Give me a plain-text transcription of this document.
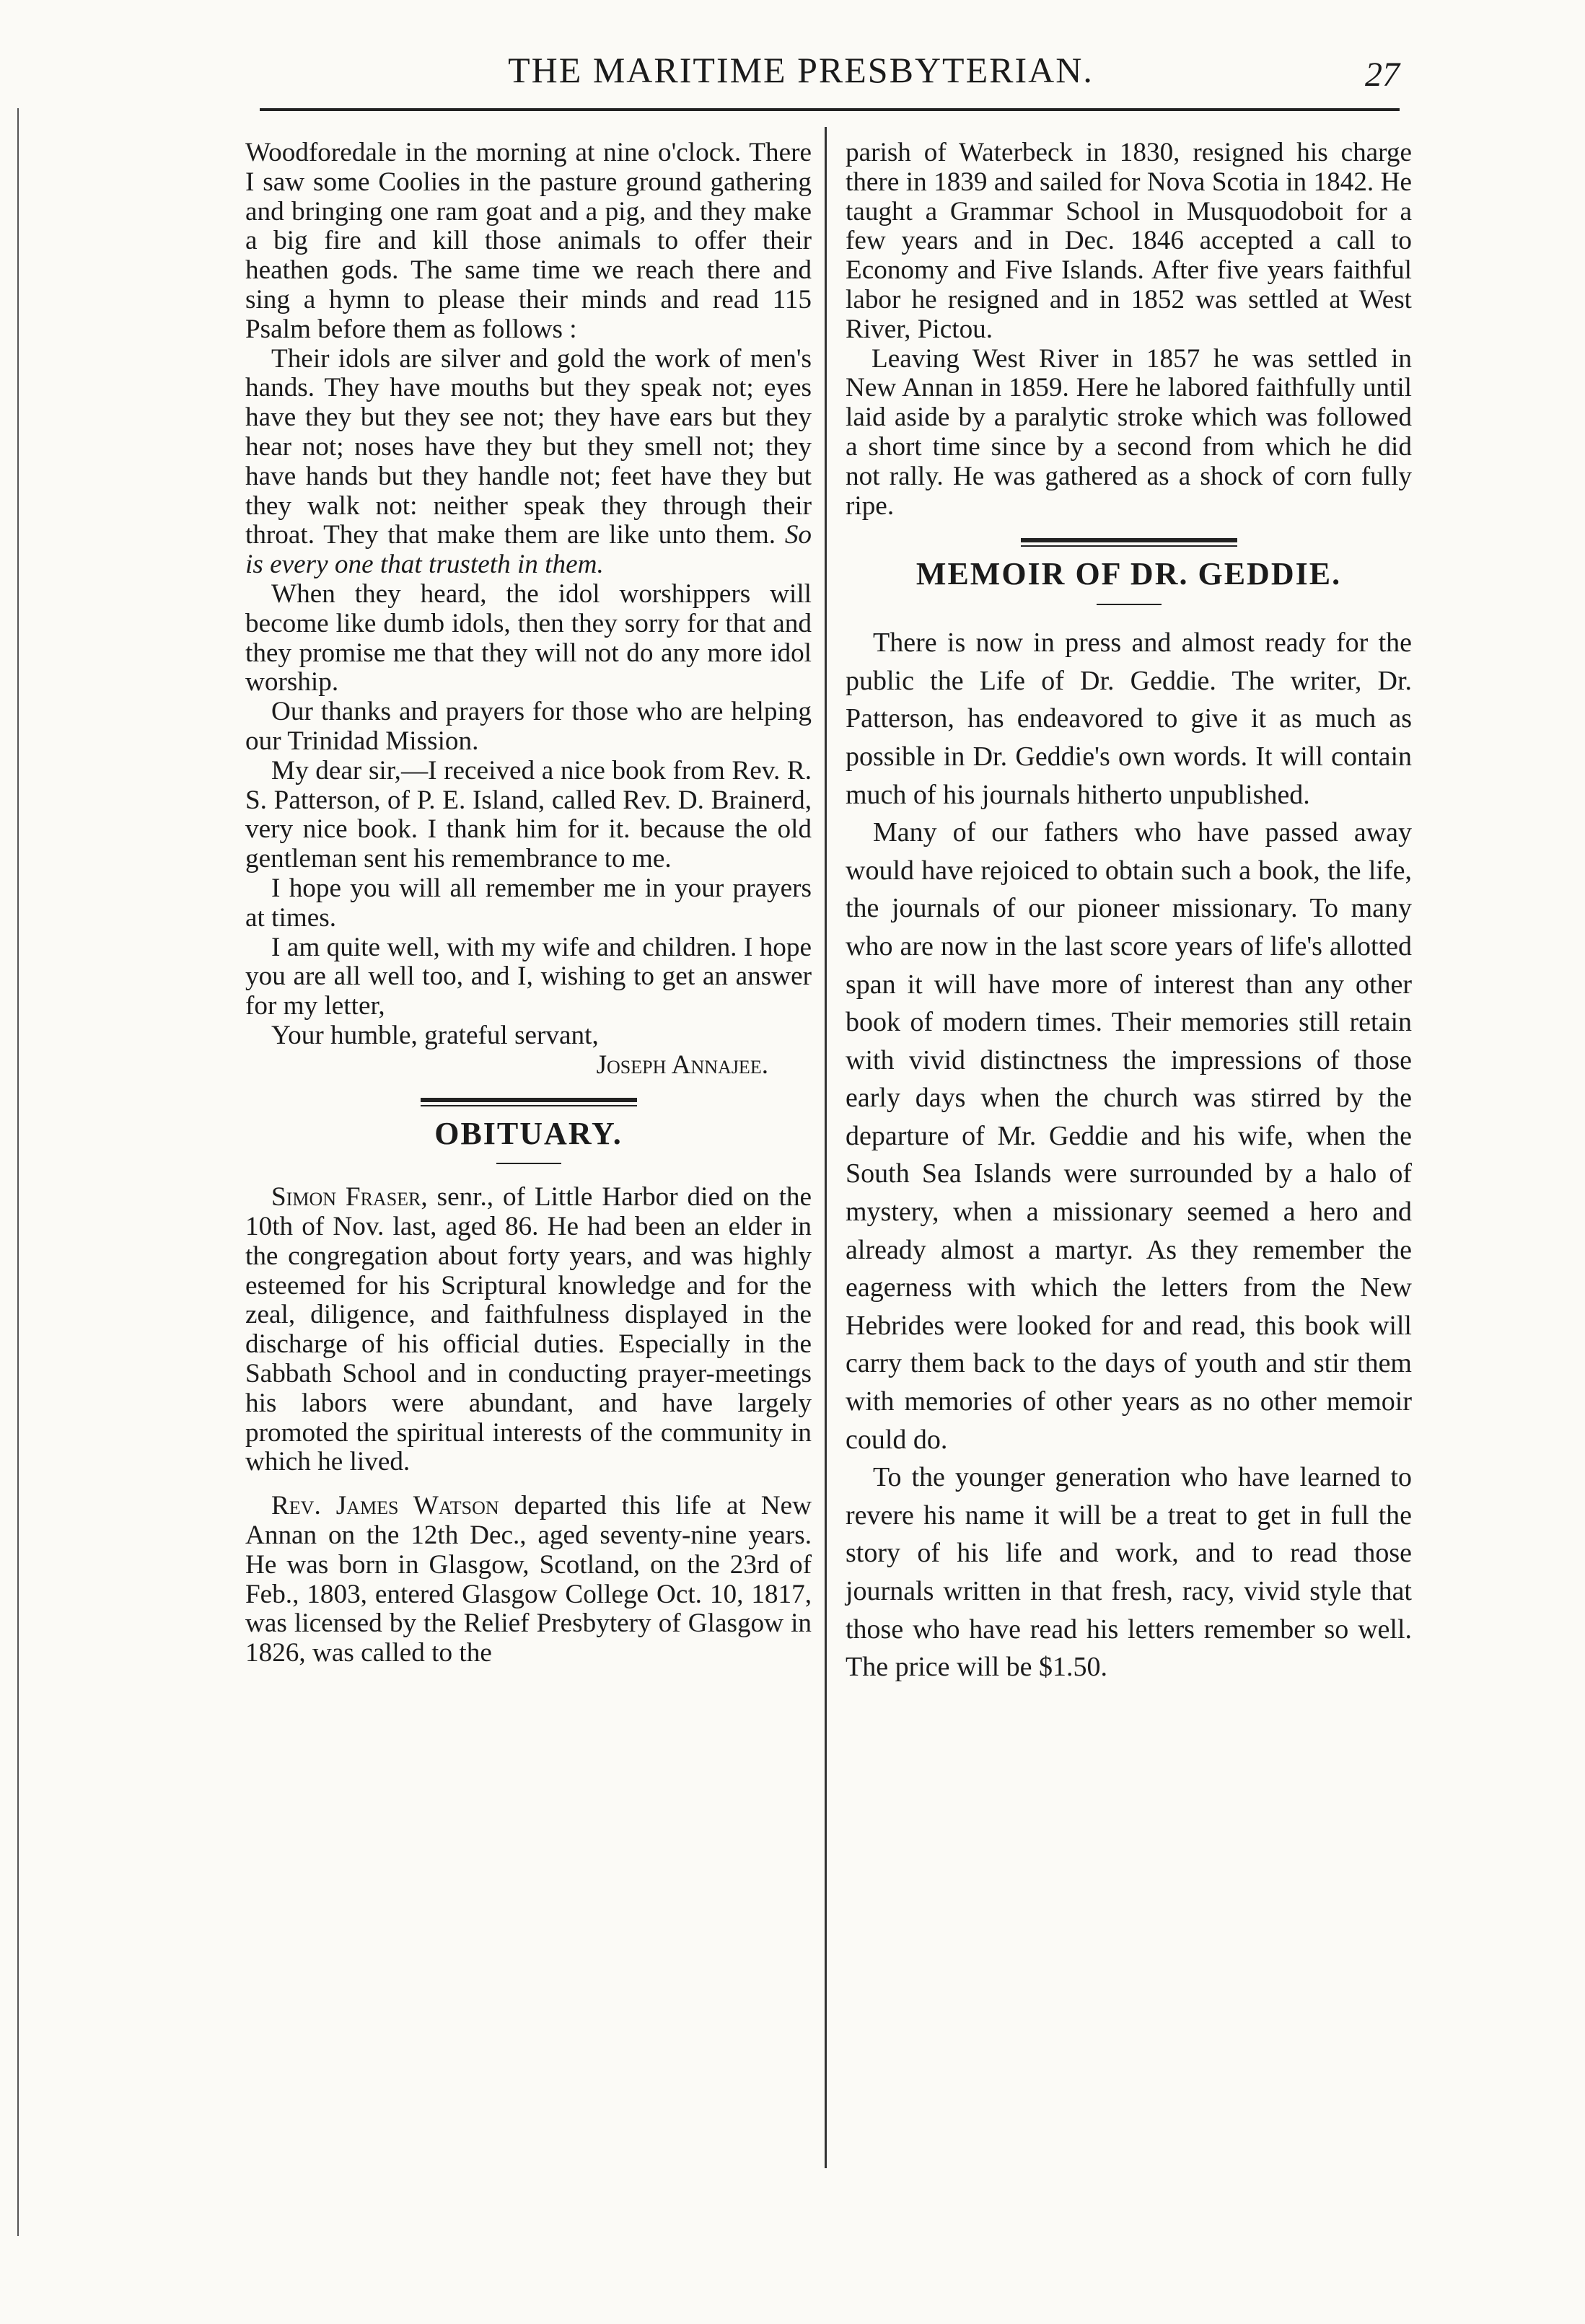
THE MARITIME PRESBYTERIAN.	27

Woodforedale in the morning at nine o'clock. There I saw some Coolies in the pasture ground gathering and bringing one ram goat and a pig, and they make a big fire and kill those animals to offer their heathen gods. The same time we reach there and sing a hymn to please their minds and read 115 Psalm before them as follows :

Their idols are silver and gold the work of men's hands. They have mouths but they speak not; eyes have they but they see not; they have ears but they hear not; noses have they but they smell not; they have hands but they handle not; feet have they but they walk not: neither speak they through their throat. They that make them are like unto them. So is every one that trusteth in them.

When they heard, the idol worshippers will become like dumb idols, then they sorry for that and they promise me that they will not do any more idol worship.

Our thanks and prayers for those who are helping our Trinidad Mission.

My dear sir,—I received a nice book from Rev. R. S. Patterson, of P. E. Island, called Rev. D. Brainerd, very nice book. I thank him for it. because the old gentleman sent his remembrance to me.

I hope you will all remember me in your prayers at times.

I am quite well, with my wife and children. I hope you are all well too, and I, wishing to get an answer for my letter,

Your humble, grateful servant,

Joseph Annajee.

OBITUARY.

Simon Fraser, senr., of Little Harbor died on the 10th of Nov. last, aged 86. He had been an elder in the congregation about forty years, and was highly esteemed for his Scriptural knowledge and for the zeal, diligence, and faithfulness displayed in the discharge of his official duties. Especially in the Sabbath School and in conducting prayer-meetings his labors were abundant, and have largely promoted the spiritual interests of the community in which he lived.

Rev. James Watson departed this life at New Annan on the 12th Dec., aged seventy-nine years. He was born in Glasgow, Scotland, on the 23rd of Feb., 1803, entered Glasgow College Oct. 10, 1817, was licensed by the Relief Presbytery of Glasgow in 1826, was called to the

parish of Waterbeck in 1830, resigned his charge there in 1839 and sailed for Nova Scotia in 1842. He taught a Grammar School in Musquodoboit for a few years and in Dec. 1846 accepted a call to Economy and Five Islands. After five years faithful labor he resigned and in 1852 was settled at West River, Pictou.

Leaving West River in 1857 he was settled in New Annan in 1859. Here he labored faithfully until laid aside by a paralytic stroke which was followed a short time since by a second from which he did not rally. He was gathered as a shock of corn fully ripe.

MEMOIR OF DR. GEDDIE.

There is now in press and almost ready for the public the Life of Dr. Geddie. The writer, Dr. Patterson, has endeavored to give it as much as possible in Dr. Geddie's own words. It will contain much of his journals hitherto unpublished.

Many of our fathers who have passed away would have rejoiced to obtain such a book, the life, the journals of our pioneer missionary. To many who are now in the last score years of life's allotted span it will have more of interest than any other book of modern times. Their memories still retain with vivid distinctness the impressions of those early days when the church was stirred by the departure of Mr. Geddie and his wife, when the South Sea Islands were surrounded by a halo of mystery, when a missionary seemed a hero and already almost a martyr. As they remember the eagerness with which the letters from the New Hebrides were looked for and read, this book will carry them back to the days of youth and stir them with memories of other years as no other memoir could do.

To the younger generation who have learned to revere his name it will be a treat to get in full the story of his life and work, and to read those journals written in that fresh, racy, vivid style that those who have read his letters remember so well. The price will be $1.50.
